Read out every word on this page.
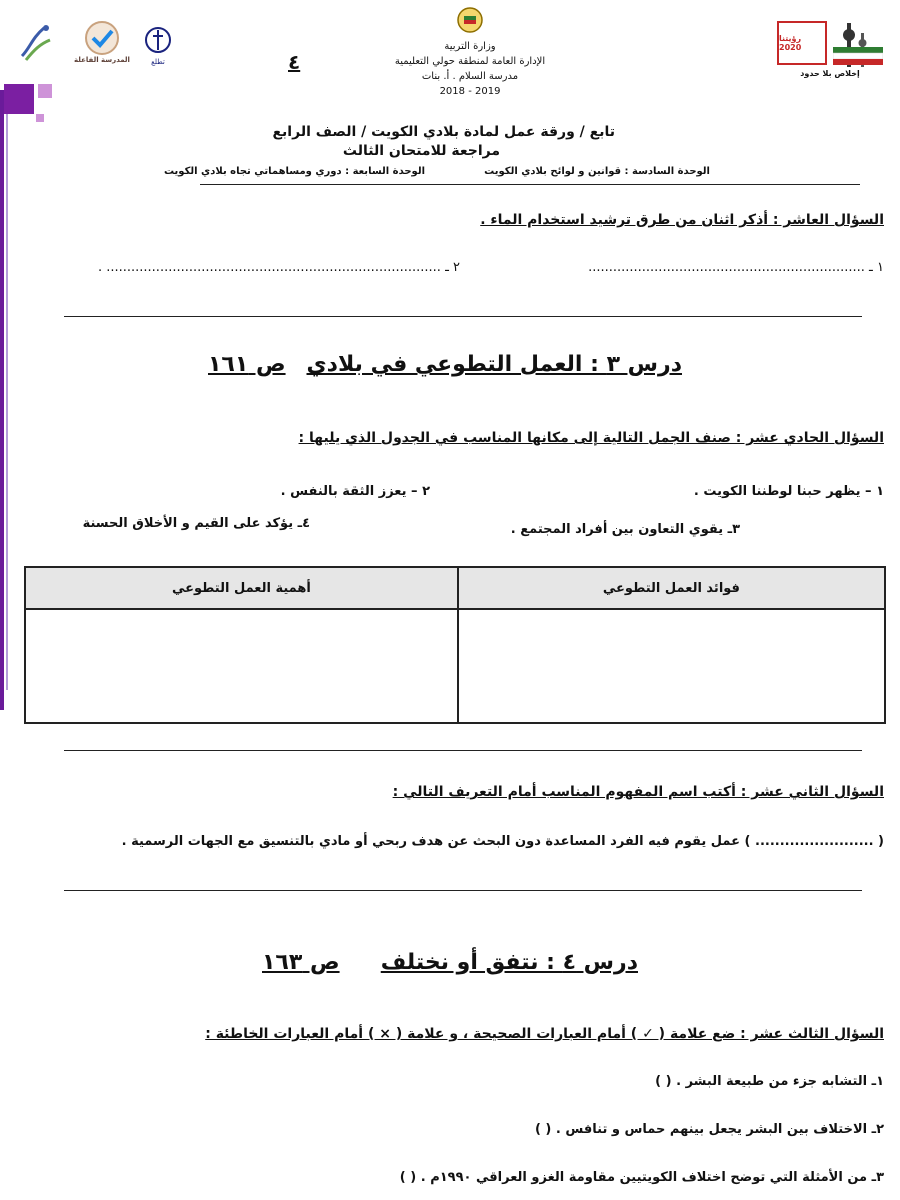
المدرسة الفاعلة	تطلع
وزارة التربية
الإدارة العامة لمنطقة حولي التعليمية
مدرسة السلام . أ. بنات
2018 - 2019
٤
رؤيتنا 2020
إخلاص بلا حدود
تابع / ورقة عمل لمادة بلادي الكويت / الصف الرابع
مراجعة للامتحان الثالث
الوحدة السادسة : قوانين و لوائح بلادي الكويت
الوحدة السابعة : دوري ومساهماتي تجاه بلادي الكويت
السؤال العاشر : أذكر اثنان من طرق ترشيد استخدام الماء .
١ ـ ...................................................................
٢ ـ ................................................................................. .
درس ٣ : العمل التطوعي في بلادي
ص ١٦١
السؤال الحادي عشر : صنف الجمل التالية إلى مكانها المناسب في الجدول الذي يليها :
١ – يظهر حبنا لوطننا الكويت .
٢ – يعزز الثقة بالنفس .
٣ـ يقوي التعاون بين أفراد المجتمع .
٤ـ يؤكد على القيم و الأخلاق الحسنة
فوائد العمل التطوعي	أهمية العمل التطوعي

السؤال الثاني عشر : أكتب اسم المفهوم المناسب أمام التعريف التالي :
( ........................ ) عمل يقوم فيه الفرد المساعدة دون البحث عن هدف ربحي أو مادي بالتنسيق مع الجهات الرسمية .
درس ٤ : نتفق أو نختلف
ص ١٦٣
السؤال الثالث عشر : ضع علامة ( ✓ ) أمام العبارات الصحيحة ، و علامة ( × ) أمام العبارات الخاطئة :
١ـ التشابه جزء من طبيعة البشر . ( )
٢ـ الاختلاف بين البشر يجعل بينهم حماس و تنافس . ( )
٣ـ من الأمثلة التي توضح اختلاف الكويتيين مقاومة الغزو العراقي ١٩٩٠م . ( )
